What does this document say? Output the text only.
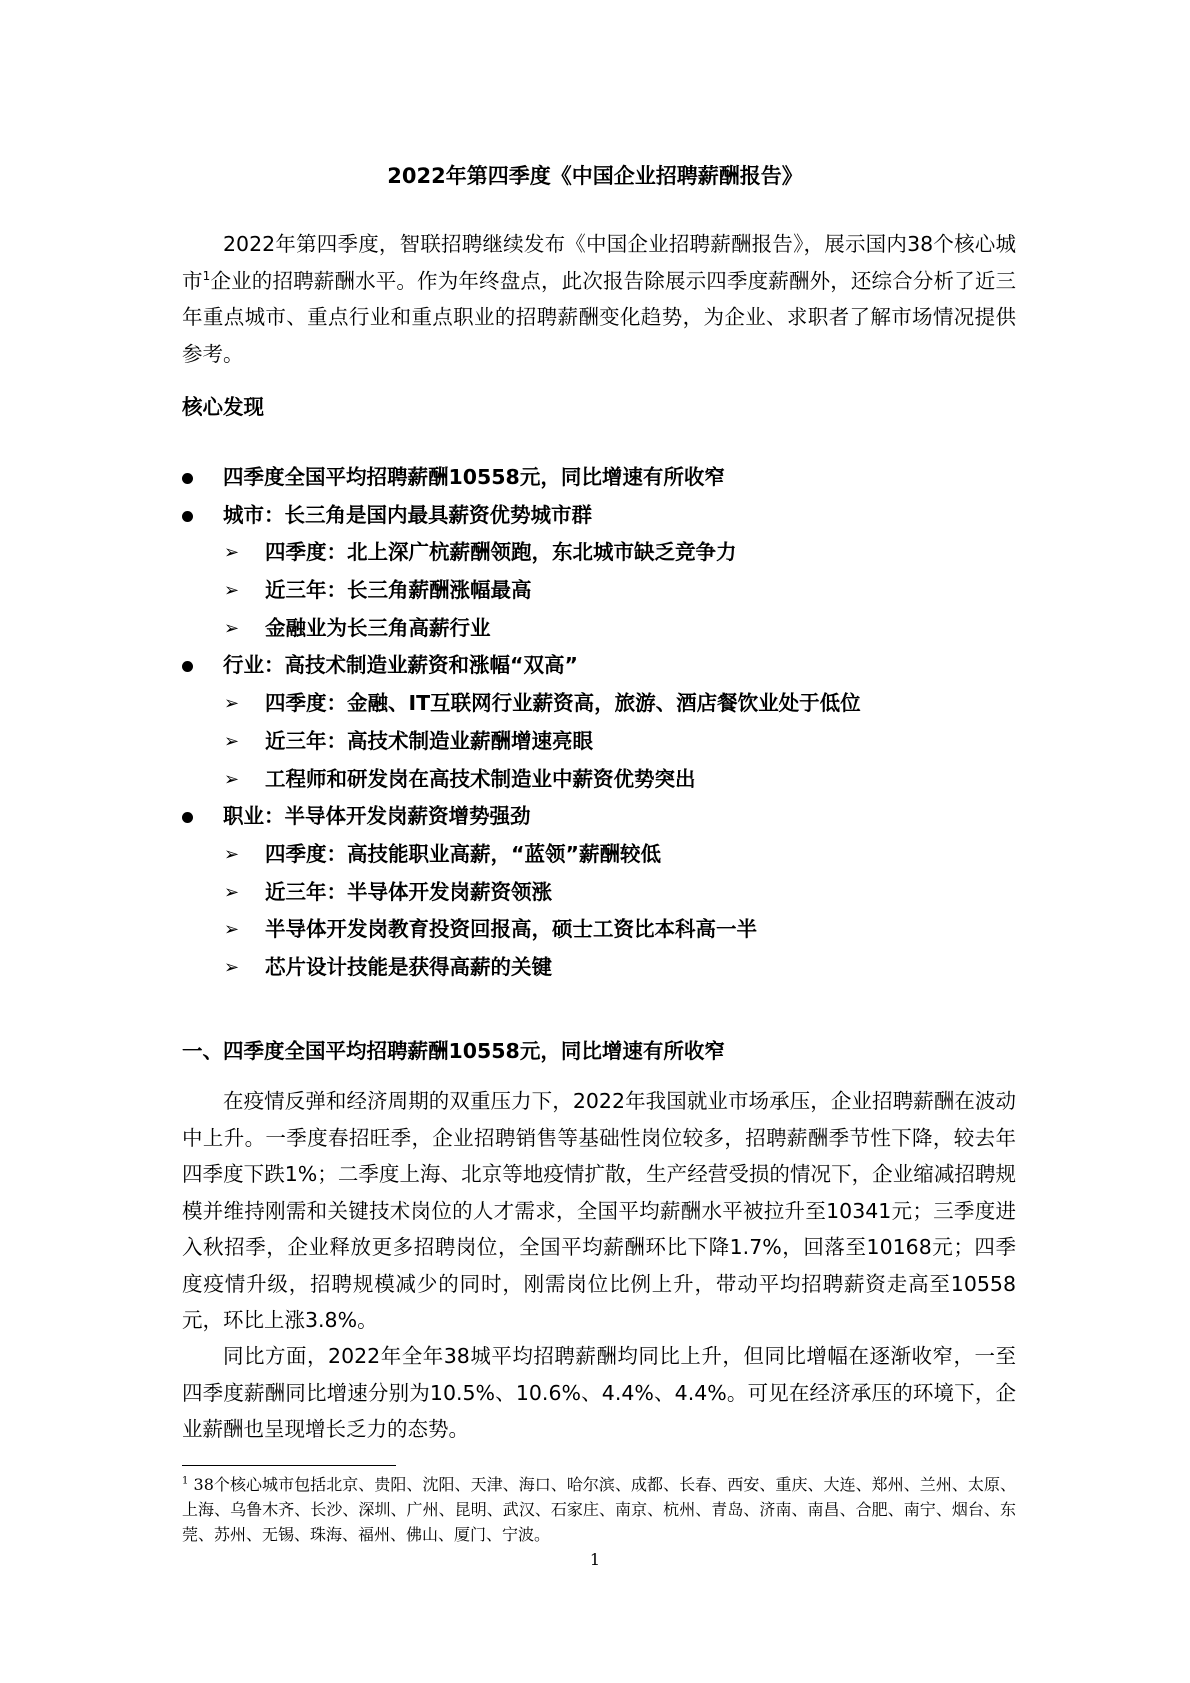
2022年第四季度《中国企业招聘薪酬报告》

2022年第四季度，智联招聘继续发布《中国企业招聘薪酬报告》，展示国内38个核心城市$^1$企业的招聘薪酬水平。作为年终盘点，此次报告除展示四季度薪酬外，还综合分析了近三年重点城市、重点行业和重点职业的招聘薪酬变化趋势，为企业、求职者了解市场情况提供参考。

核心发现
四季度全国平均招聘薪酬10558元，同比增速有所收窄
城市：长三角是国内最具薪资优势城市群
➢ 四季度：北上深广杭薪酬领跑，东北城市缺乏竞争力
➢ 近三年：长三角薪酬涨幅最高
➢ 金融业为长三角高薪行业
行业：高技术制造业薪资和涨幅“双高”
➢ 四季度：金融、IT互联网行业薪资高，旅游、酒店餐饮业处于低位
➢ 近三年：高技术制造业薪酬增速亮眼
➢ 工程师和研发岗在高技术制造业中薪资优势突出
职业：半导体开发岗薪资增势强劲
➢ 四季度：高技能职业高薪，“蓝领”薪酬较低
➢ 近三年：半导体开发岗薪资领涨
➢ 半导体开发岗教育投资回报高，硕士工资比本科高一半
➢ 芯片设计技能是获得高薪的关键
一、四季度全国平均招聘薪酬10558元，同比增速有所收窄

在疫情反弹和经济周期的双重压力下，2022年我国就业市场承压，企业招聘薪酬在波动中上升。一季度春招旺季，企业招聘销售等基础性岗位较多，招聘薪酬季节性下降，较去年四季度下跌1%；二季度上海、北京等地疫情扩散，生产经营受损的情况下，企业缩减招聘规模并维持刚需和关键技术岗位的人才需求，全国平均薪酬水平被拉升至10341元；三季度进入秋招季，企业释放更多招聘岗位，全国平均薪酬环比下降1.7%，回落至10168元；四季度疫情升级，招聘规模减少的同时，刚需岗位比例上升，带动平均招聘薪资走高至10558元，环比上涨3.8%。

同比方面，2022年全年38城平均招聘薪酬均同比上升，但同比增幅在逐渐收窄，一至四季度薪酬同比增速分别为10.5%、10.6%、4.4%、4.4%。可见在经济承压的环境下，企业薪酬也呈现增长乏力的态势。

$^1$ 38个核心城市包括北京、贵阳、沈阳、天津、海口、哈尔滨、成都、长春、西安、重庆、大连、郑州、兰州、太原、上海、乌鲁木齐、长沙、深圳、广州、昆明、武汉、石家庄、南京、杭州、青岛、济南、南昌、合肥、南宁、烟台、东莞、苏州、无锡、珠海、福州、佛山、厦门、宁波。

1
